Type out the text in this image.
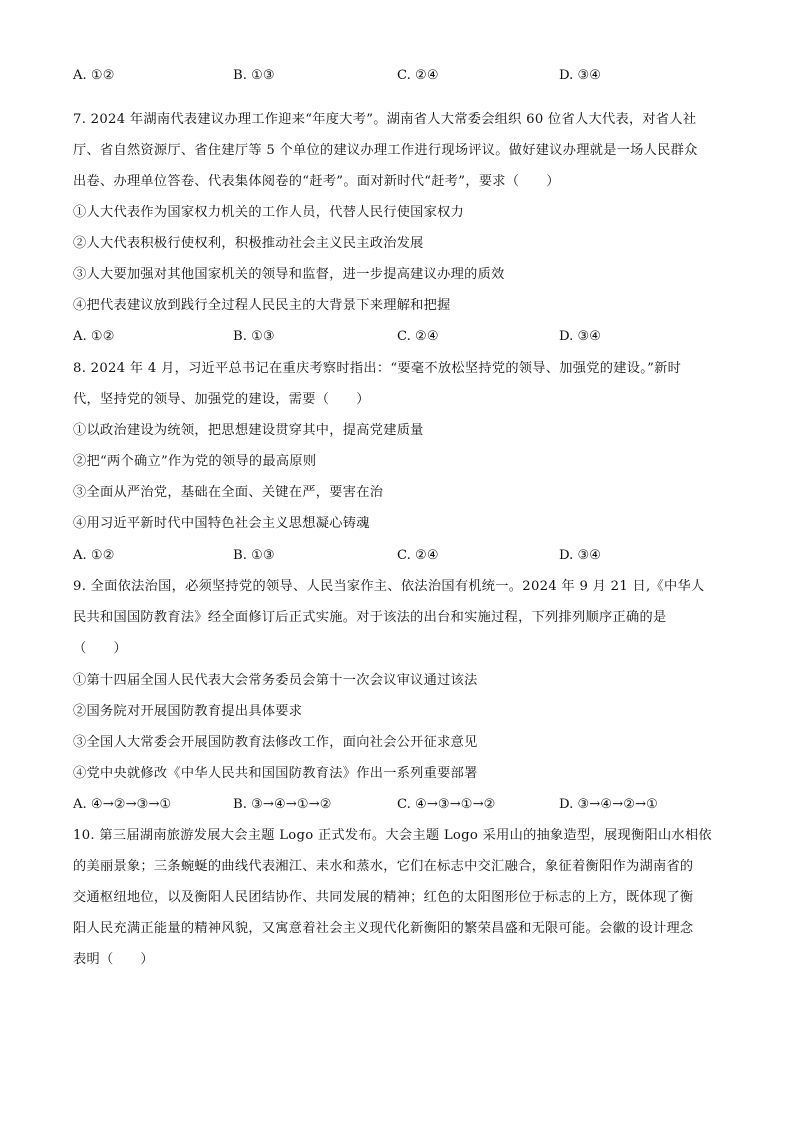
A. ①②	B. ①③	C. ②④	D. ③④
7. 2024 年湖南代表建议办理工作迎来“年度大考”。湖南省人大常委会组织 60 位省人大代表，对省人社
厅、省自然资源厅、省住建厅等 5 个单位的建议办理工作进行现场评议。做好建议办理就是一场人民群众
出卷、办理单位答卷、代表集体阅卷的“赶考”。面对新时代“赶考”，要求（　　）
①人大代表作为国家权力机关的工作人员，代替人民行使国家权力
②人大代表积极行使权利，积极推动社会主义民主政治发展
③人大要加强对其他国家机关的领导和监督，进一步提高建议办理的质效
④把代表建议放到践行全过程人民民主的大背景下来理解和把握
A. ①②	B. ①③	C. ②④	D. ③④
8. 2024 年 4 月，习近平总书记在重庆考察时指出：“要毫不放松坚持党的领导、加强党的建设。”新时
代，坚持党的领导、加强党的建设，需要（　　）
①以政治建设为统领，把思想建设贯穿其中，提高党建质量
②把“两个确立”作为党的领导的最高原则
③全面从严治党，基础在全面、关键在严，要害在治
④用习近平新时代中国特色社会主义思想凝心铸魂
A. ①②	B. ①③	C. ②④	D. ③④
9. 全面依法治国，必须坚持党的领导、人民当家作主、依法治国有机统一。2024 年 9 月 21 日,《中华人
民共和国国防教育法》经全面修订后正式实施。对于该法的出台和实施过程，下列排列顺序正确的是
（　　）
①第十四届全国人民代表大会常务委员会第十一次会议审议通过该法
②国务院对开展国防教育提出具体要求
③全国人大常委会开展国防教育法修改工作，面向社会公开征求意见
④党中央就修改《中华人民共和国国防教育法》作出一系列重要部署
A. ④→②→③→①	B. ③→④→①→②	C. ④→③→①→②	D. ③→④→②→①
10. 第三届湖南旅游发展大会主题 Logo 正式发布。大会主题 Logo 采用山的抽象造型，展现衡阳山水相依
的美丽景象；三条蜿蜒的曲线代表湘江、耒水和蒸水，它们在标志中交汇融合，象征着衡阳作为湖南省的
交通枢纽地位，以及衡阳人民团结协作、共同发展的精神；红色的太阳图形位于标志的上方，既体现了衡
阳人民充满正能量的精神风貌，又寓意着社会主义现代化新衡阳的繁荣昌盛和无限可能。会徽的设计理念
表明（　　）
